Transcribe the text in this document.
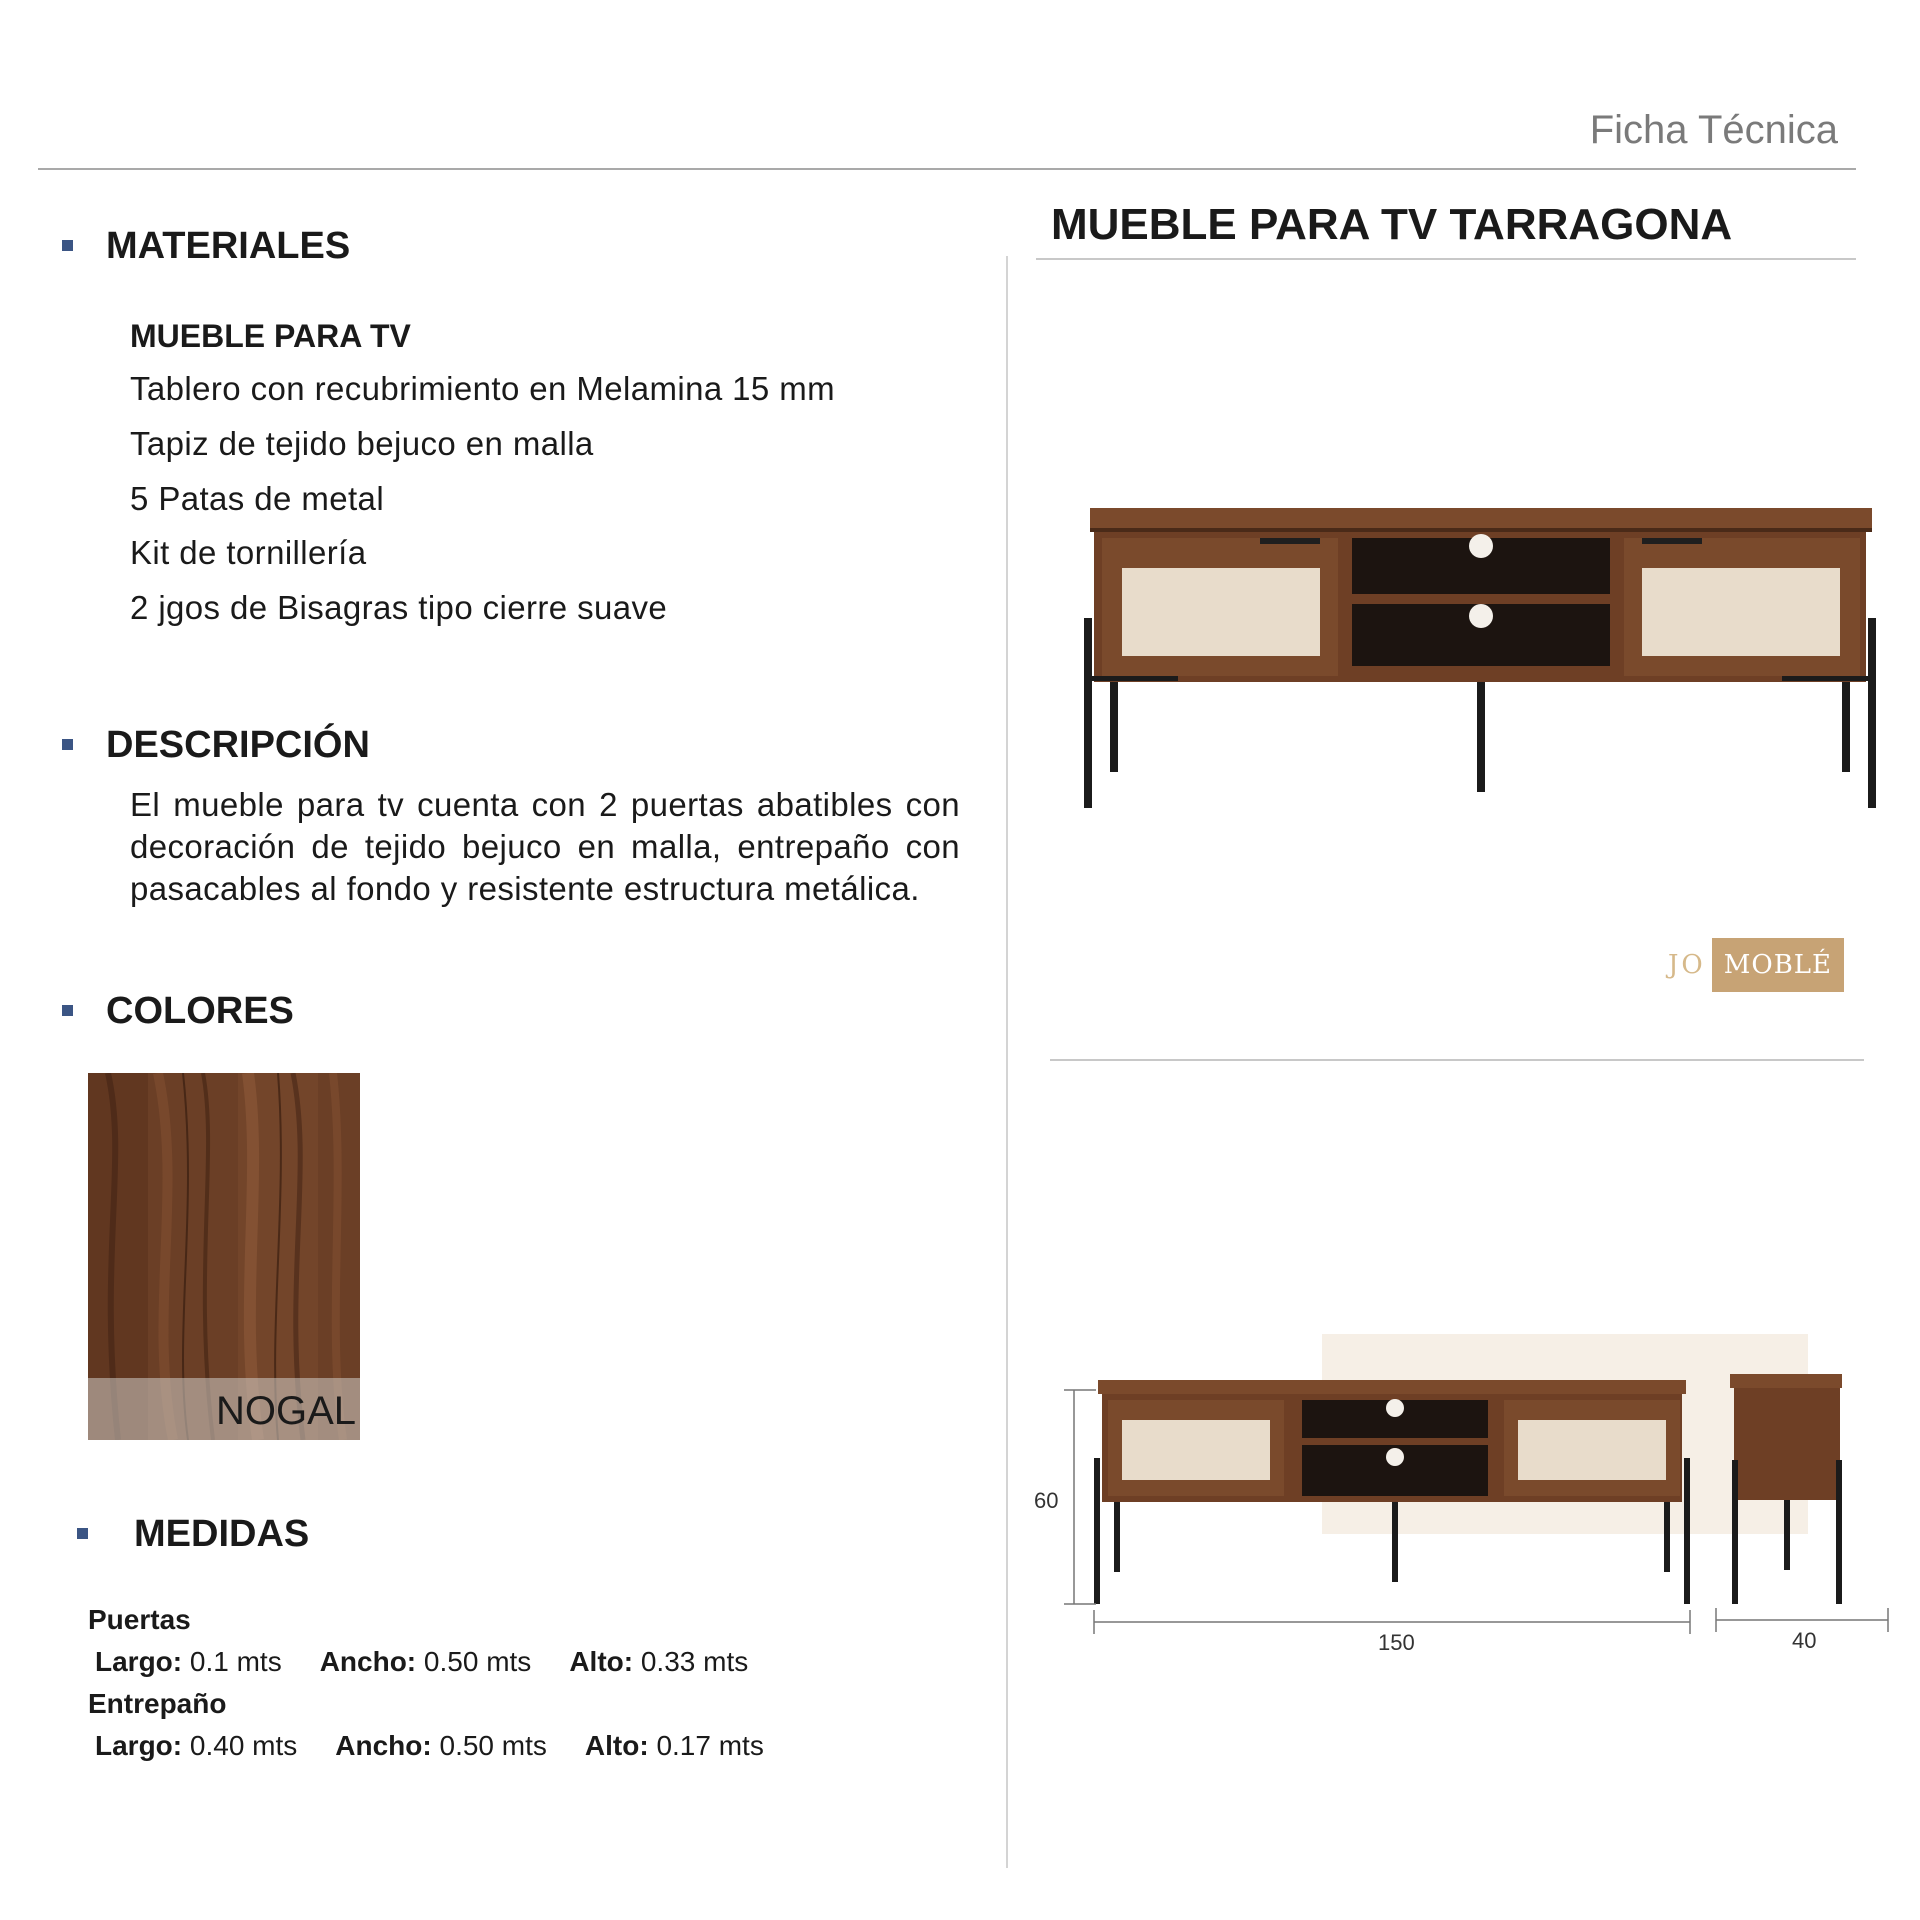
Ficha Técnica
MATERIALES
MUEBLE PARA TV
Tablero con recubrimiento en Melamina 15 mm
Tapiz de tejido bejuco en malla
5 Patas de metal
Kit de tornillería
2 jgos de Bisagras tipo cierre suave
DESCRIPCIÓN
El mueble para tv cuenta con 2 puertas abatibles con decoración de tejido bejuco en malla, entrepaño con pasacables al fondo y resistente estructura metálica.
COLORES
NOGAL
MEDIDAS
Puertas
Largo: 0.1 mts Ancho: 0.50 mts Alto: 0.33 mts
Entrepaño
Largo: 0.40 mts Ancho: 0.50 mts Alto: 0.17 mts
MUEBLE PARA TV TARRAGONA
JO MOBLÉ
60
150	40
